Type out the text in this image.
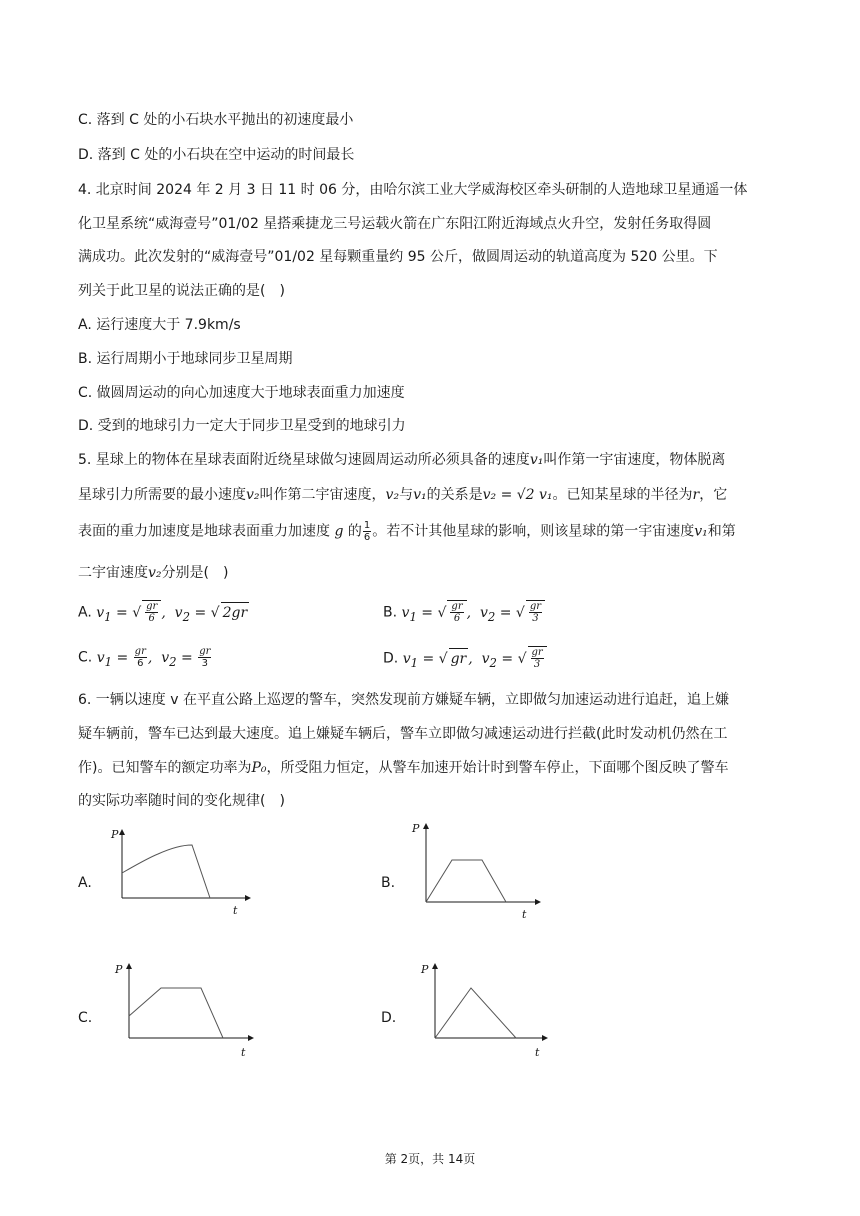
C. 落到 C 处的小石块水平抛出的初速度最小
D. 落到 C 处的小石块在空中运动的时间最长
4. 北京时间 2024 年 2 月 3 日 11 时 06 分，由哈尔滨工业大学威海校区牵头研制的人造地球卫星通遥一体
化卫星系统“威海壹号”01/02 星搭乘捷龙三号运载火箭在广东阳江附近海域点火升空，发射任务取得圆
满成功。此次发射的“威海壹号”01/02 星每颗重量约 95 公斤，做圆周运动的轨道高度为 520 公里。下
列关于此卫星的说法正确的是(　)
A. 运行速度大于 7.9km/s
B. 运行周期小于地球同步卫星周期
C. 做圆周运动的向心加速度大于地球表面重力加速度
D. 受到的地球引力一定大于同步卫星受到的地球引力
5. 星球上的物体在星球表面附近绕星球做匀速圆周运动所必须具备的速度v₁叫作第一宇宙速度，物体脱离
星球引力所需要的最小速度v₂叫作第二宇宙速度，v₂与v₁的关系是v₂ = √2 v₁。已知某星球的半径为r，它
表面的重力加速度是地球表面重力加速度 g 的 $\frac{1}{6}$ 。若不计其他星球的影响，则该星球的第一宇宙速度v₁和第
二宇宙速度v₂分别是(　)
A. $v_1$ = √ $\frac{gr}{6}$ ,  $v_2$ = √ 2gr	B. $v_1$ = √ $\frac{gr}{6}$ ,  $v_2$ = √ $\frac{gr}{3}$
C. $v_1 = \frac{gr}{6}$ ,  $v_2 = \frac{gr}{3}$	D. $v_1$ = √ gr ,  $v_2$ = √ $\frac{gr}{3}$
6. 一辆以速度 v 在平直公路上巡逻的警车，突然发现前方嫌疑车辆，立即做匀加速运动进行追赶，追上嫌
疑车辆前，警车已达到最大速度。追上嫌疑车辆后，警车立即做匀减速运动进行拦截(此时发动机仍然在工
作)。已知警车的额定功率为P₀，所受阻力恒定，从警车加速开始计时到警车停止，下面哪个图反映了警车
的实际功率随时间的变化规律(　)
A.
P
t
B.
P
t
C.
P
t
D.
P
t
第 2页，共 14页
